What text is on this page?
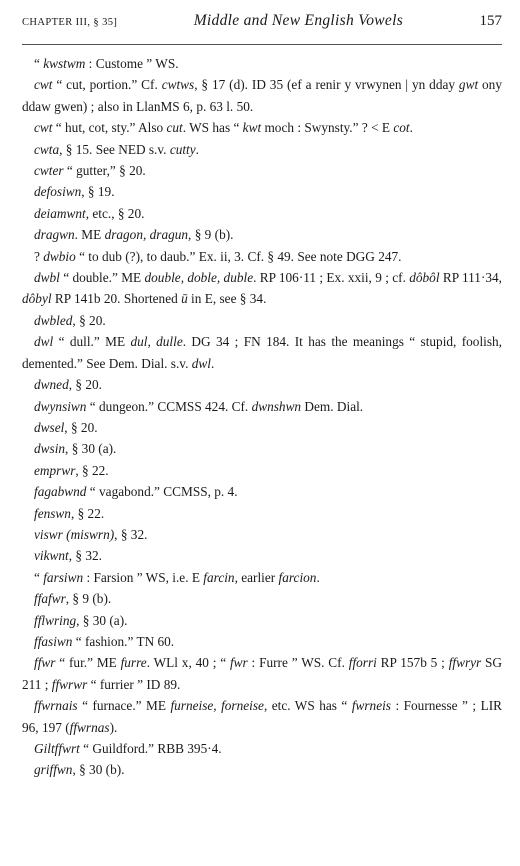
CHAPTER III, § 35]	Middle and New English Vowels	157

“ kwstwm : Custome ” WS.

cwt “ cut, portion.” Cf. cwtws, § 17 (d). ID 35 (ef a renir y vrwynen | yn dday gwt ony ddaw gwen) ; also in LlanMS 6, p. 63 l. 50.

cwt “ hut, cot, sty.” Also cut. WS has “ kwt moch : Swynsty.” ? < E cot.

cwta, § 15. See NED s.v. cutty.

cwter “ gutter,” § 20.

defosiwn, § 19.

deiamwnt, etc., § 20.

dragwn. ME dragon, dragun, § 9 (b).

? dwbio “ to dub (?), to daub.” Ex. ii, 3. Cf. § 49. See note DGG 247.

dwbl “ double.” ME double, doble, duble. RP 106·11 ; Ex. xxii, 9 ; cf. dôbôl RP 111·34, dôbyl RP 141b 20. Shortened ū in E, see § 34.

dwbled, § 20.

dwl “ dull.” ME dul, dulle. DG 34 ; FN 184. It has the meanings “ stupid, foolish, demented.” See Dem. Dial. s.v. dwl.

dwned, § 20.

dwynsiwn “ dungeon.” CCMSS 424. Cf. dwnshwn Dem. Dial.

dwsel, § 20.

dwsin, § 30 (a).

emprwr, § 22.

fagabwnd “ vagabond.” CCMSS, p. 4.

fenswn, § 22.

viswr (miswrn), § 32.

vikwnt, § 32.

“ farsiwn : Farsion ” WS, i.e. E farcin, earlier farcion.

ffafwr, § 9 (b).

fflwring, § 30 (a).

ffasiwn “ fashion.” TN 60.

ffwr “ fur.” ME furre. WLl x, 40 ; “ fwr : Furre ” WS. Cf. fforri RP 157b 5 ; ffwryr SG 211 ; ffwrwr “ furrier ” ID 89.

ffwrnais “ furnace.” ME furneise, forneise, etc. WS has “ fwrneis : Fournesse ” ; LIR 96, 197 (ffwrnas).

Giltffwrt “ Guildford.” RBB 395·4.

griffwn, § 30 (b).
